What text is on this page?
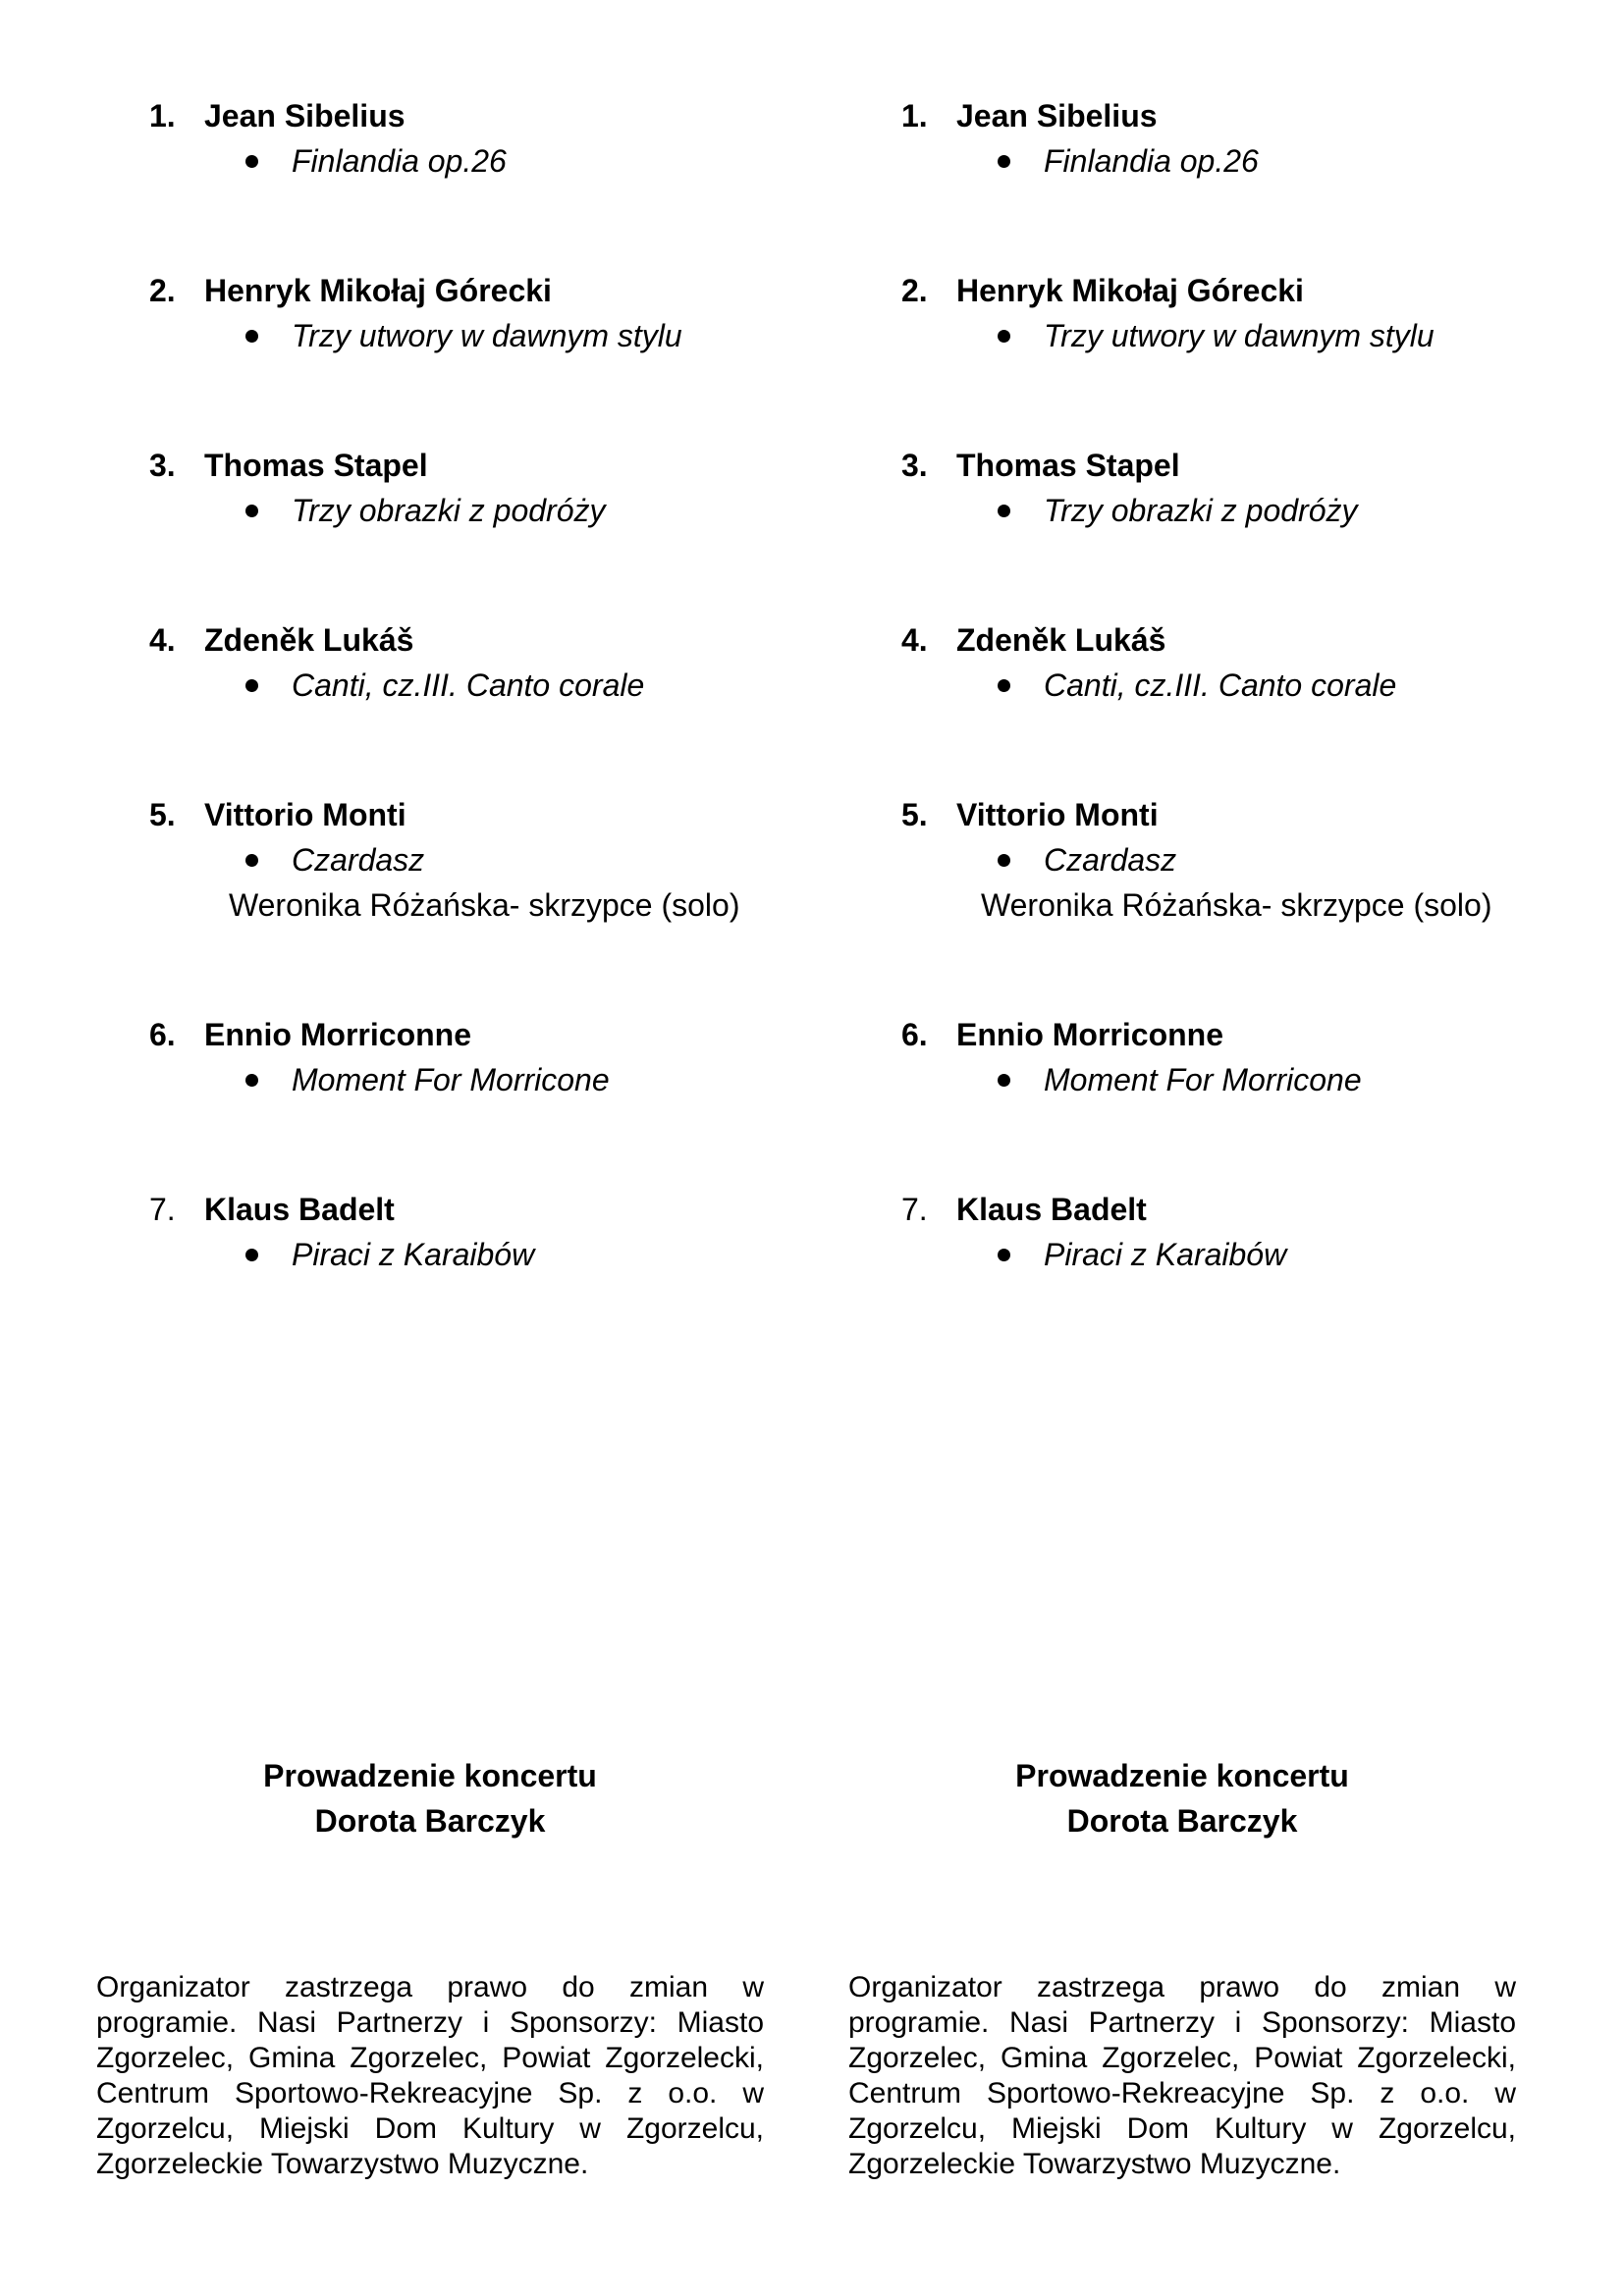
1. Jean Sibelius
Finlandia op.26
2. Henryk Mikołaj Górecki
Trzy utwory w dawnym stylu
3. Thomas Stapel
Trzy obrazki z podróży
4. Zdeněk Lukáš
Canti, cz.III. Canto corale
5. Vittorio Monti
Czardasz
Weronika Różańska- skrzypce (solo)
6. Ennio Morriconne
Moment For Morricone
7. Klaus Badelt
Piraci z Karaibów
Prowadzenie koncertu
Dorota Barczyk

Organizator zastrzega prawo do zmian w programie. Nasi Partnerzy i Sponsorzy: Miasto Zgorzelec, Gmina Zgorzelec, Powiat Zgorzelecki, Centrum Sportowo-Rekreacyjne Sp. z o.o. w Zgorzelcu, Miejski Dom Kultury w Zgorzelcu, Zgorzeleckie Towarzystwo Muzyczne.

1. Jean Sibelius
Finlandia op.26
2. Henryk Mikołaj Górecki
Trzy utwory w dawnym stylu
3. Thomas Stapel
Trzy obrazki z podróży
4. Zdeněk Lukáš
Canti, cz.III. Canto corale
5. Vittorio Monti
Czardasz
Weronika Różańska- skrzypce (solo)
6. Ennio Morriconne
Moment For Morricone
7. Klaus Badelt
Piraci z Karaibów
Prowadzenie koncertu
Dorota Barczyk

Organizator zastrzega prawo do zmian w programie. Nasi Partnerzy i Sponsorzy: Miasto Zgorzelec, Gmina Zgorzelec, Powiat Zgorzelecki, Centrum Sportowo-Rekreacyjne Sp. z o.o. w Zgorzelcu, Miejski Dom Kultury w Zgorzelcu, Zgorzeleckie Towarzystwo Muzyczne.
